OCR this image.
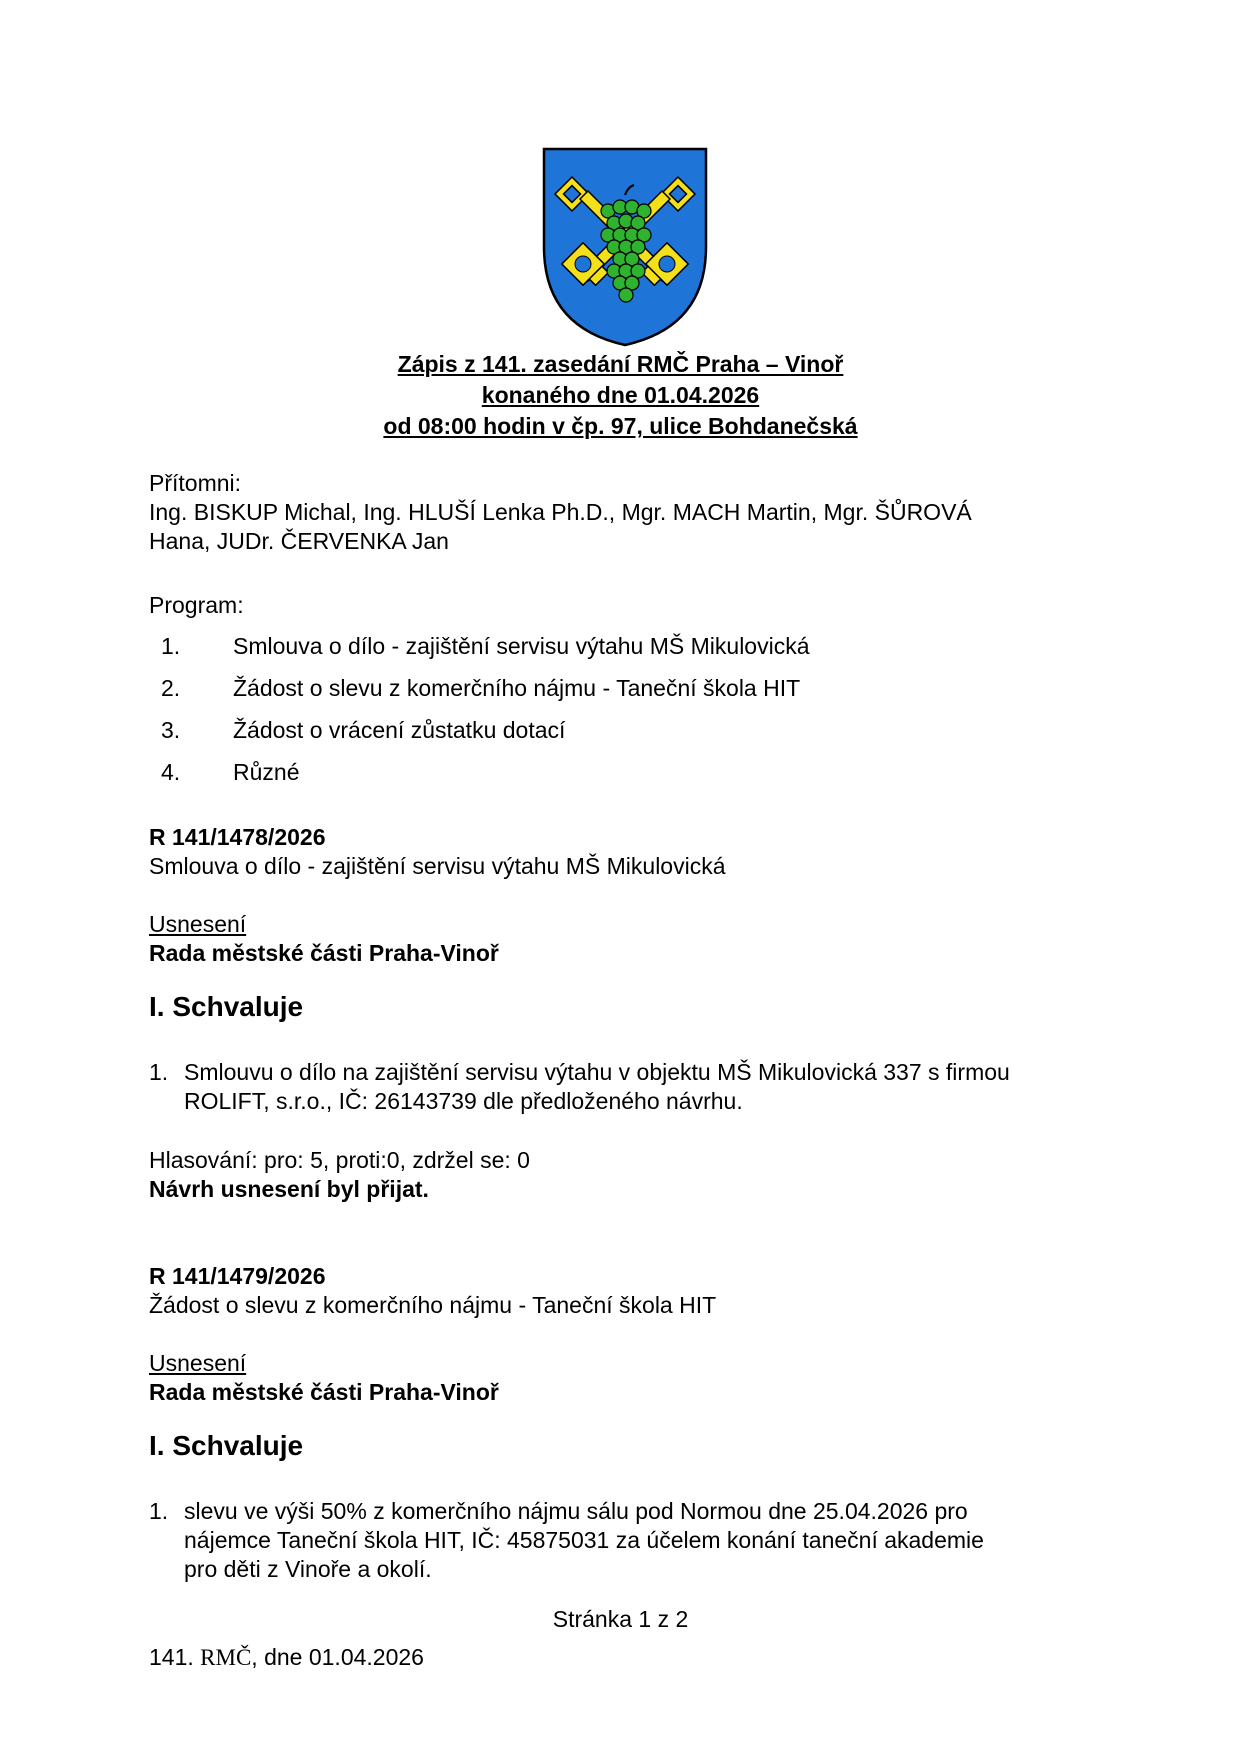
Zápis z 141. zasedání RMČ Praha – Vinoř
konaného dne 01.04.2026
od 08:00 hodin v čp. 97, ulice Bohdanečská
Přítomni:
Ing. BISKUP Michal, Ing. HLUŠÍ Lenka Ph.D., Mgr. MACH Martin, Mgr. ŠŮROVÁ
Hana, JUDr. ČERVENKA Jan
Program:
1.	Smlouva o dílo - zajištění servisu výtahu MŠ Mikulovická
2.	Žádost o slevu z komerčního nájmu - Taneční škola HIT
3.	Žádost o vrácení zůstatku dotací
4.	Různé
R 141/1478/2026
Smlouva o dílo - zajištění servisu výtahu MŠ Mikulovická
Usnesení
Rada městské části Praha-Vinoř
I. Schvaluje
1. Smlouvu o dílo na zajištění servisu výtahu v objektu MŠ Mikulovická 337 s firmou
ROLIFT, s.r.o., IČ: 26143739 dle předloženého návrhu.
Hlasování: pro: 5, proti:0, zdržel se: 0
Návrh usnesení byl přijat.
R 141/1479/2026
Žádost o slevu z komerčního nájmu - Taneční škola HIT
Usnesení
Rada městské části Praha-Vinoř
I. Schvaluje
1. slevu ve výši 50% z komerčního nájmu sálu pod Normou dne 25.04.2026 pro
nájemce Taneční škola HIT, IČ: 45875031 za účelem konání taneční akademie
pro děti z Vinoře a okolí.
Stránka 1 z 2
141. RMČ, dne 01.04.2026
